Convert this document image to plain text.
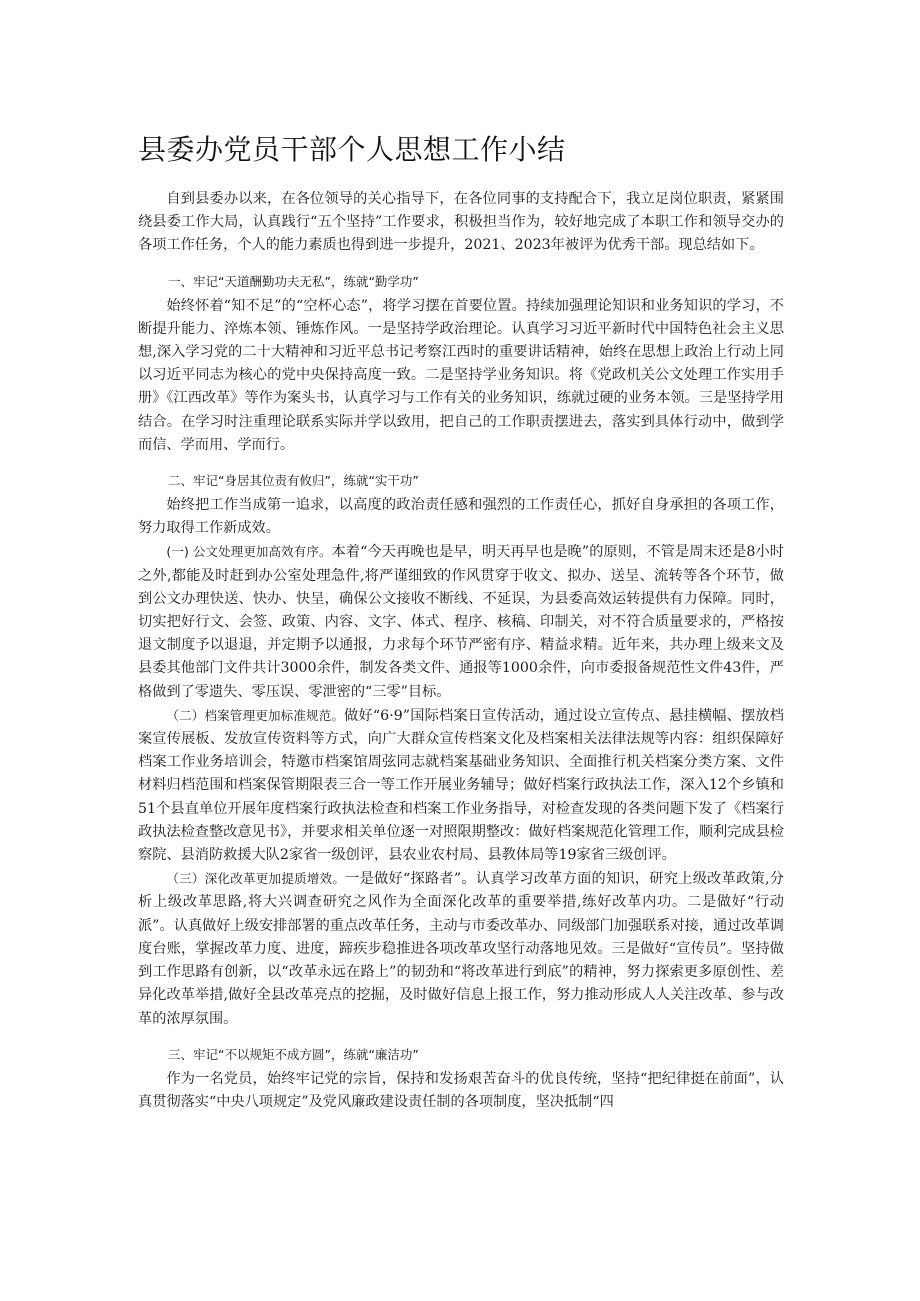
县委办党员干部个人思想工作小结

自到县委办以来，在各位领导的关心指导下，在各位同事的支持配合下，我立足岗位职责，紧紧围绕县委工作大局，认真践行“五个坚持”工作要求，积极担当作为，较好地完成了本职工作和领导交办的各项工作任务，个人的能力素质也得到进一步提升，2021、2023年被评为优秀干部。现总结如下。

一、牢记“天道酬勤功夫无私”，练就“勤学功”

始终怀着“知不足”的“空杯心态”，将学习摆在首要位置。持续加强理论知识和业务知识的学习，不断提升能力、淬炼本领、锤炼作风。一是坚持学政治理论。认真学习习近平新时代中国特色社会主义思想,深入学习党的二十大精神和习近平总书记考察江西时的重要讲话精神，始终在思想上政治上行动上同以习近平同志为核心的党中央保持高度一致。二是坚持学业务知识。将《党政机关公文处理工作实用手册》《江西改革》等作为案头书，认真学习与工作有关的业务知识，练就过硬的业务本领。三是坚持学用结合。在学习时注重理论联系实际并学以致用，把自己的工作职责摆进去，落实到具体行动中，做到学而信、学而用、学而行。

二、牢记“身居其位责有攸归”，练就“实干功”

始终把工作当成第一追求，以高度的政治责任感和强烈的工作责任心，抓好自身承担的各项工作，努力取得工作新成效。

(一) 公文处理更加高效有序。本着“今天再晚也是早，明天再早也是晚”的原则，不管是周末还是8小时之外,都能及时赶到办公室处理急件,将严谨细致的作风贯穿于收文、拟办、送呈、流转等各个环节，做到公文办理快送、快办、快呈，确保公文接收不断线、不延误，为县委高效运转提供有力保障。同时，切实把好行文、会签、政策、内容、文字、体式、程序、核稿、印制关，对不符合质量要求的，严格按退文制度予以退退，并定期予以通报，力求每个环节严密有序、精益求精。近年来，共办理上级来文及县委其他部门文件共计3000余件，制发各类文件、通报等1000余件，向市委报备规范性文件43件，严格做到了零遗失、零压误、零泄密的“三零”目标。

（二）档案管理更加标准规范。做好“6·9”国际档案日宣传活动，通过设立宣传点、悬挂横幅、摆放档案宣传展板、发放宣传资料等方式，向广大群众宣传档案文化及档案相关法律法规等内容：组织保障好档案工作业务培训会，特邀市档案馆周弦同志就档案基础业务知识、全面推行机关档案分类方案、文件材料归档范围和档案保管期限表三合一等工作开展业务辅导；做好档案行政执法工作，深入12个乡镇和51个县直单位开展年度档案行政执法检查和档案工作业务指导，对检查发现的各类问题下发了《档案行政执法检查整改意见书》，并要求相关单位逐一对照限期整改：做好档案规范化管理工作，顺利完成县检察院、县消防救援大队2家省一级创评，县农业农村局、县教体局等19家省三级创评。

（三）深化改革更加提质增效。一是做好“探路者”。认真学习改革方面的知识，研究上级改革政策,分析上级改革思路,将大兴调查研究之风作为全面深化改革的重要举措,练好改革内功。二是做好“行动派”。认真做好上级安排部署的重点改革任务，主动与市委改革办、同级部门加强联系对接，通过改革调度台账，掌握改革力度、进度，蹄疾步稳推进各项改革攻坚行动落地见效。三是做好“宣传员”。坚持做到工作思路有创新，以“改革永远在路上”的韧劲和“将改革进行到底”的精神，努力探索更多原创性、差异化改革举措,做好全县改革亮点的挖掘，及时做好信息上报工作，努力推动形成人人关注改革、参与改革的浓厚氛围。

三、牢记“不以规矩不成方圆”，练就“廉洁功”

作为一名党员，始终牢记党的宗旨，保持和发扬艰苦奋斗的优良传统，坚持“把纪律挺在前面”，认真贯彻落实“中央八项规定”及党风廉政建设责任制的各项制度，坚决抵制“四
